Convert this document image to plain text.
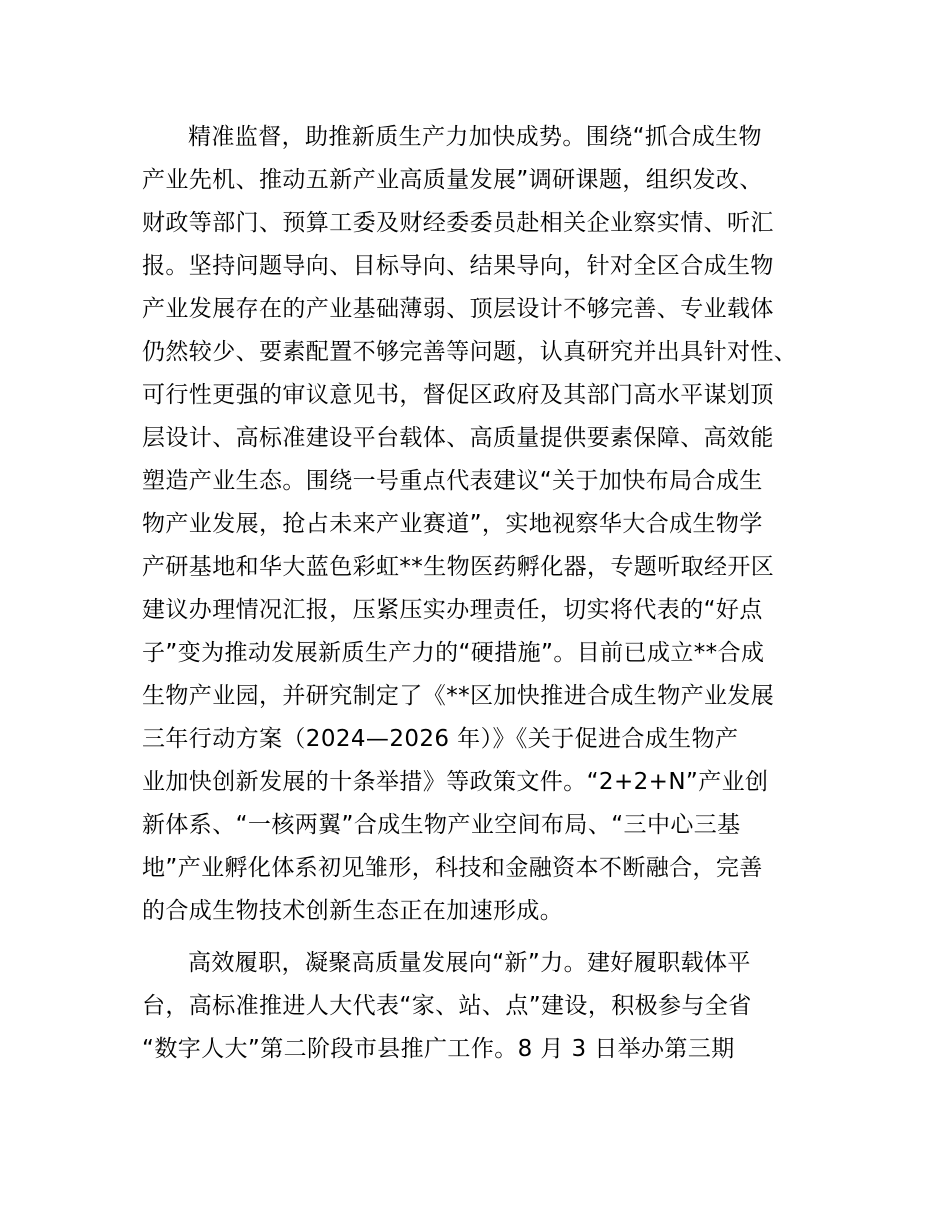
精准监督，助推新质生产力加快成势。围绕“抓合成生物
产业先机、推动五新产业高质量发展”调研课题，组织发改、
财政等部门、预算工委及财经委委员赴相关企业察实情、听汇
报。坚持问题导向、目标导向、结果导向，针对全区合成生物
产业发展存在的产业基础薄弱、顶层设计不够完善、专业载体
仍然较少、要素配置不够完善等问题，认真研究并出具针对性、
可行性更强的审议意见书，督促区政府及其部门高水平谋划顶
层设计、高标准建设平台载体、高质量提供要素保障、高效能
塑造产业生态。围绕一号重点代表建议“关于加快布局合成生
物产业发展，抢占未来产业赛道”，实地视察华大合成生物学
产研基地和华大蓝色彩虹**生物医药孵化器，专题听取经开区
建议办理情况汇报，压紧压实办理责任，切实将代表的“好点
子”变为推动发展新质生产力的“硬措施”。目前已成立**合成
生物产业园，并研究制定了《**区加快推进合成生物产业发展
三年行动方案（2024—2026 年）》《关于促进合成生物产
业加快创新发展的十条举措》等政策文件。“2+2+N”产业创
新体系、“一核两翼”合成生物产业空间布局、“三中心三基
地”产业孵化体系初见雏形，科技和金融资本不断融合，完善
的合成生物技术创新生态正在加速形成。
高效履职，凝聚高质量发展向“新”力。建好履职载体平
台，高标准推进人大代表“家、站、点”建设，积极参与全省
“数字人大”第二阶段市县推广工作。8 月 3 日举办第三期
